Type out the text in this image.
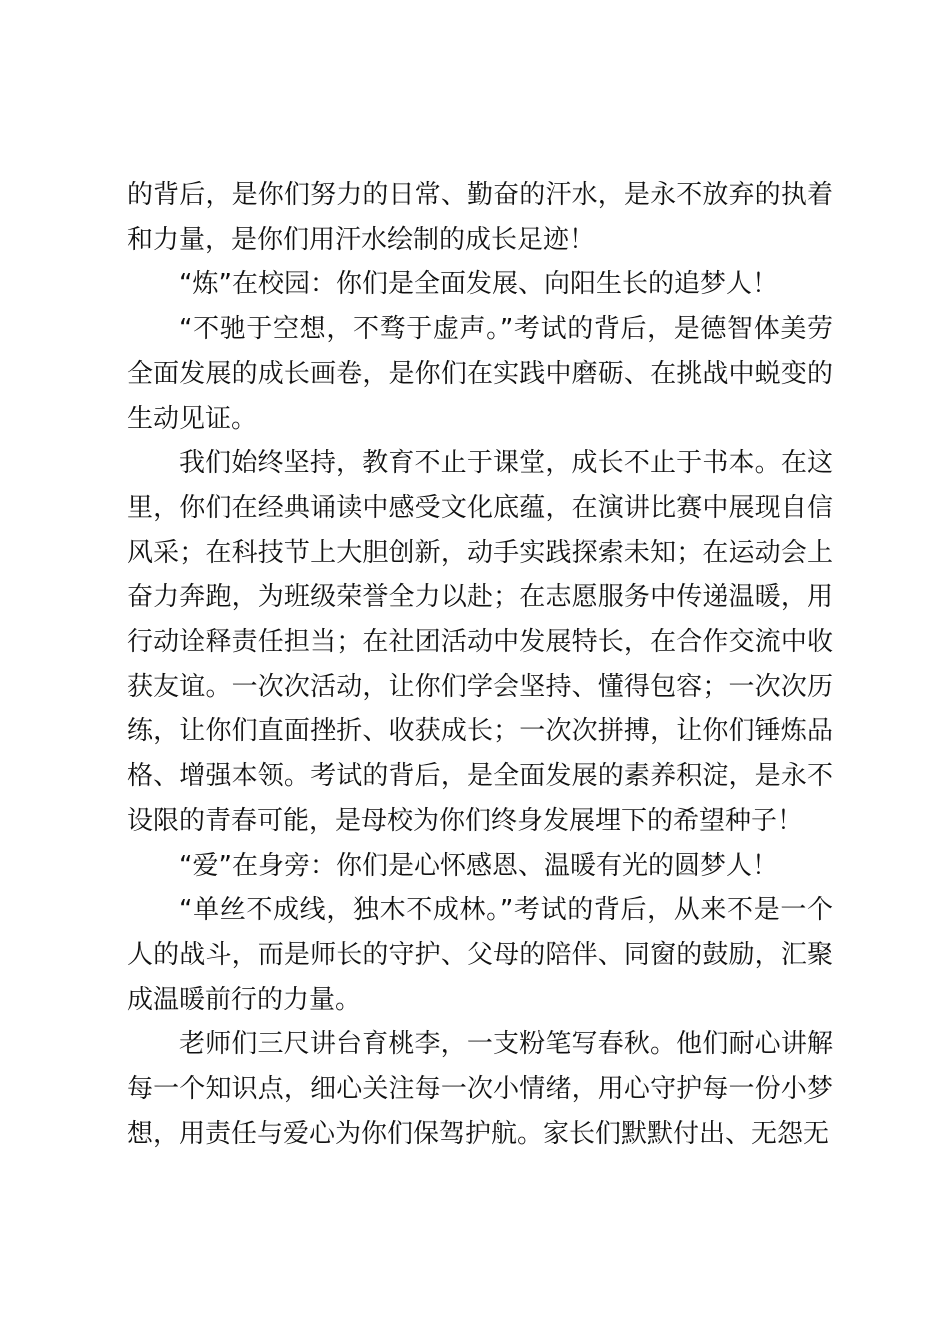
的背后，是你们努力的日常、勤奋的汗水，是永不放弃的执着和力量，是你们用汗水绘制的成长足迹！

“炼”在校园：你们是全面发展、向阳生长的追梦人！

“不驰于空想，不骛于虚声。”考试的背后，是德智体美劳全面发展的成长画卷，是你们在实践中磨砺、在挑战中蜕变的生动见证。

我们始终坚持，教育不止于课堂，成长不止于书本。在这里，你们在经典诵读中感受文化底蕴，在演讲比赛中展现自信风采；在科技节上大胆创新，动手实践探索未知；在运动会上奋力奔跑，为班级荣誉全力以赴；在志愿服务中传递温暖，用行动诠释责任担当；在社团活动中发展特长，在合作交流中收获友谊。一次次活动，让你们学会坚持、懂得包容；一次次历练，让你们直面挫折、收获成长；一次次拼搏，让你们锤炼品格、增强本领。考试的背后，是全面发展的素养积淀，是永不设限的青春可能，是母校为你们终身发展埋下的希望种子！

“爱”在身旁：你们是心怀感恩、温暖有光的圆梦人！

“单丝不成线，独木不成林。”考试的背后，从来不是一个人的战斗，而是师长的守护、父母的陪伴、同窗的鼓励，汇聚成温暖前行的力量。

老师们三尺讲台育桃李，一支粉笔写春秋。他们耐心讲解每一个知识点，细心关注每一次小情绪，用心守护每一份小梦想，用责任与爱心为你们保驾护航。家长们默默付出、无怨无
